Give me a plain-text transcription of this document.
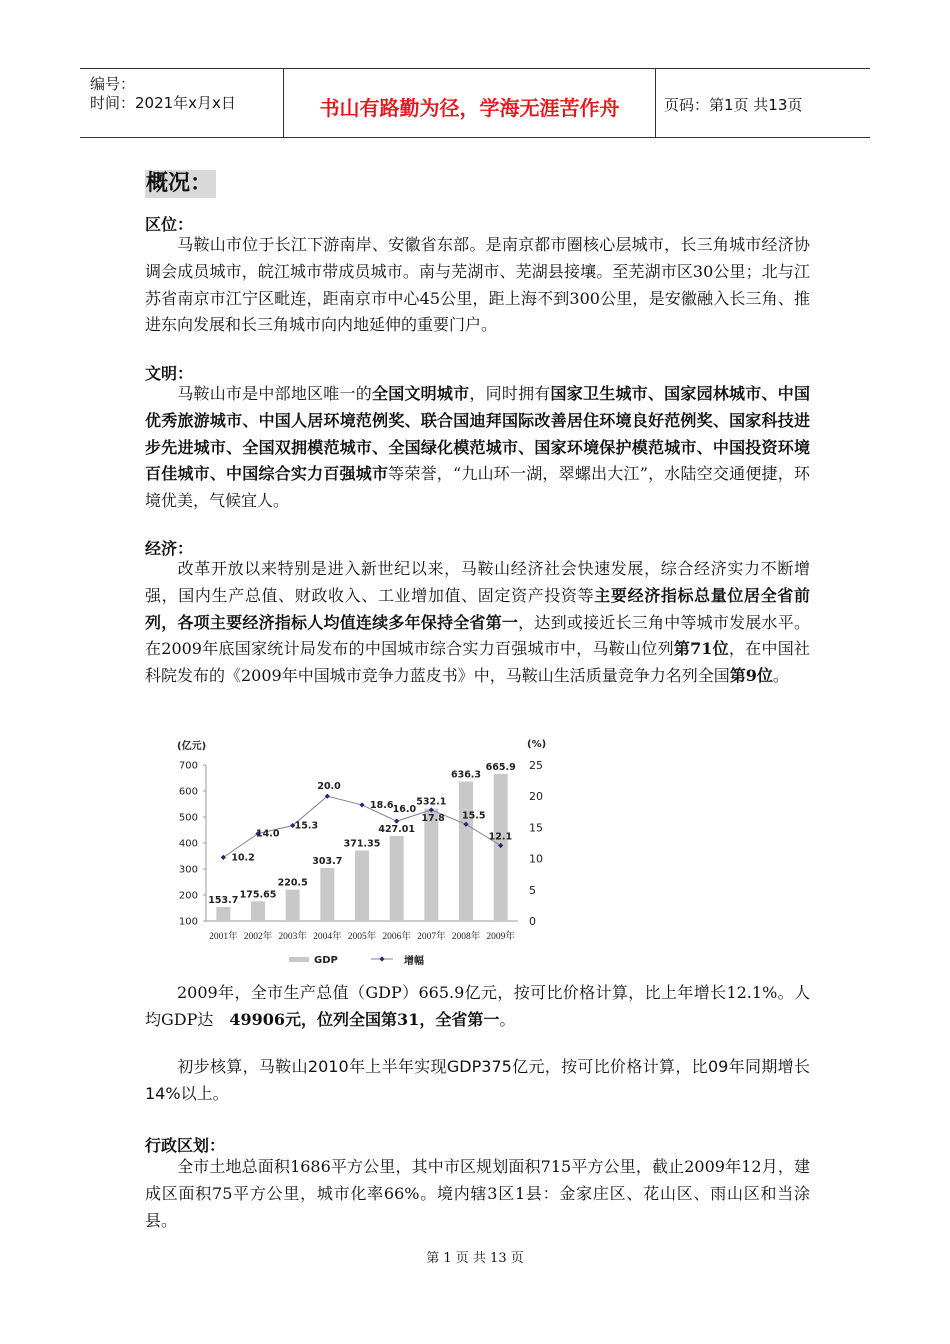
编号：
时间：2021年x月x日	书山有路勤为径，学海无涯苦作舟	页码：第1页 共13页
概况：
区位：
马鞍山市位于长江下游南岸、安徽省东部。是南京都市圈核心层城市，长三角城市经济协调会成员城市，皖江城市带成员城市。南与芜湖市、芜湖县接壤。至芜湖市区30公里；北与江苏省南京市江宁区毗连，距南京市中心45公里，距上海不到300公里，是安徽融入长三角、推进东向发展和长三角城市向内地延伸的重要门户。
文明：
马鞍山市是中部地区唯一的全国文明城市，同时拥有国家卫生城市、国家园林城市、中国优秀旅游城市、中国人居环境范例奖、联合国迪拜国际改善居住环境良好范例奖、国家科技进步先进城市、全国双拥模范城市、全国绿化模范城市、国家环境保护模范城市、中国投资环境百佳城市、中国综合实力百强城市等荣誉，“九山环一湖，翠螺出大江”，水陆空交通便捷，环境优美，气候宜人。
经济：
改革开放以来特别是进入新世纪以来，马鞍山经济社会快速发展，综合经济实力不断增强，国内生产总值、财政收入、工业增加值、固定资产投资等主要经济指标总量位居全省前列，各项主要经济指标人均值连续多年保持全省第一，达到或接近长三角中等城市发展水平。在2009年底国家统计局发布的中国城市综合实力百强城市中，马鞍山位列第71位，在中国社科院发布的《2009年中国城市竞争力蓝皮书》中，马鞍山生活质量竞争力名列全国第9位。
100
200
300
400
500
600
700
0
5
10
15
20
25
(亿元)	(%)
153.7
175.65
220.5
303.7
371.35
427.01
532.1
636.3
665.9
2001年 2002年 2003年 2004年 2005年 2006年 2007年 2008年 2009年
10.2
14.0
15.3
20.0
18.6 16.0
17.8 15.5
12.1
GDP	增幅
2009年，全市生产总值（GDP）665.9亿元，按可比价格计算，比上年增长12.1%。人均GDP达　49906元，位列全国第31，全省第一。
初步核算，马鞍山2010年上半年实现GDP375亿元，按可比价格计算，比09年同期增长14%以上。
行政区划：
全市土地总面积1686平方公里，其中市区规划面积715平方公里，截止2009年12月，建成区面积75平方公里，城市化率66%。境内辖3区1县：金家庄区、花山区、雨山区和当涂县。
第 1 页 共 13 页
